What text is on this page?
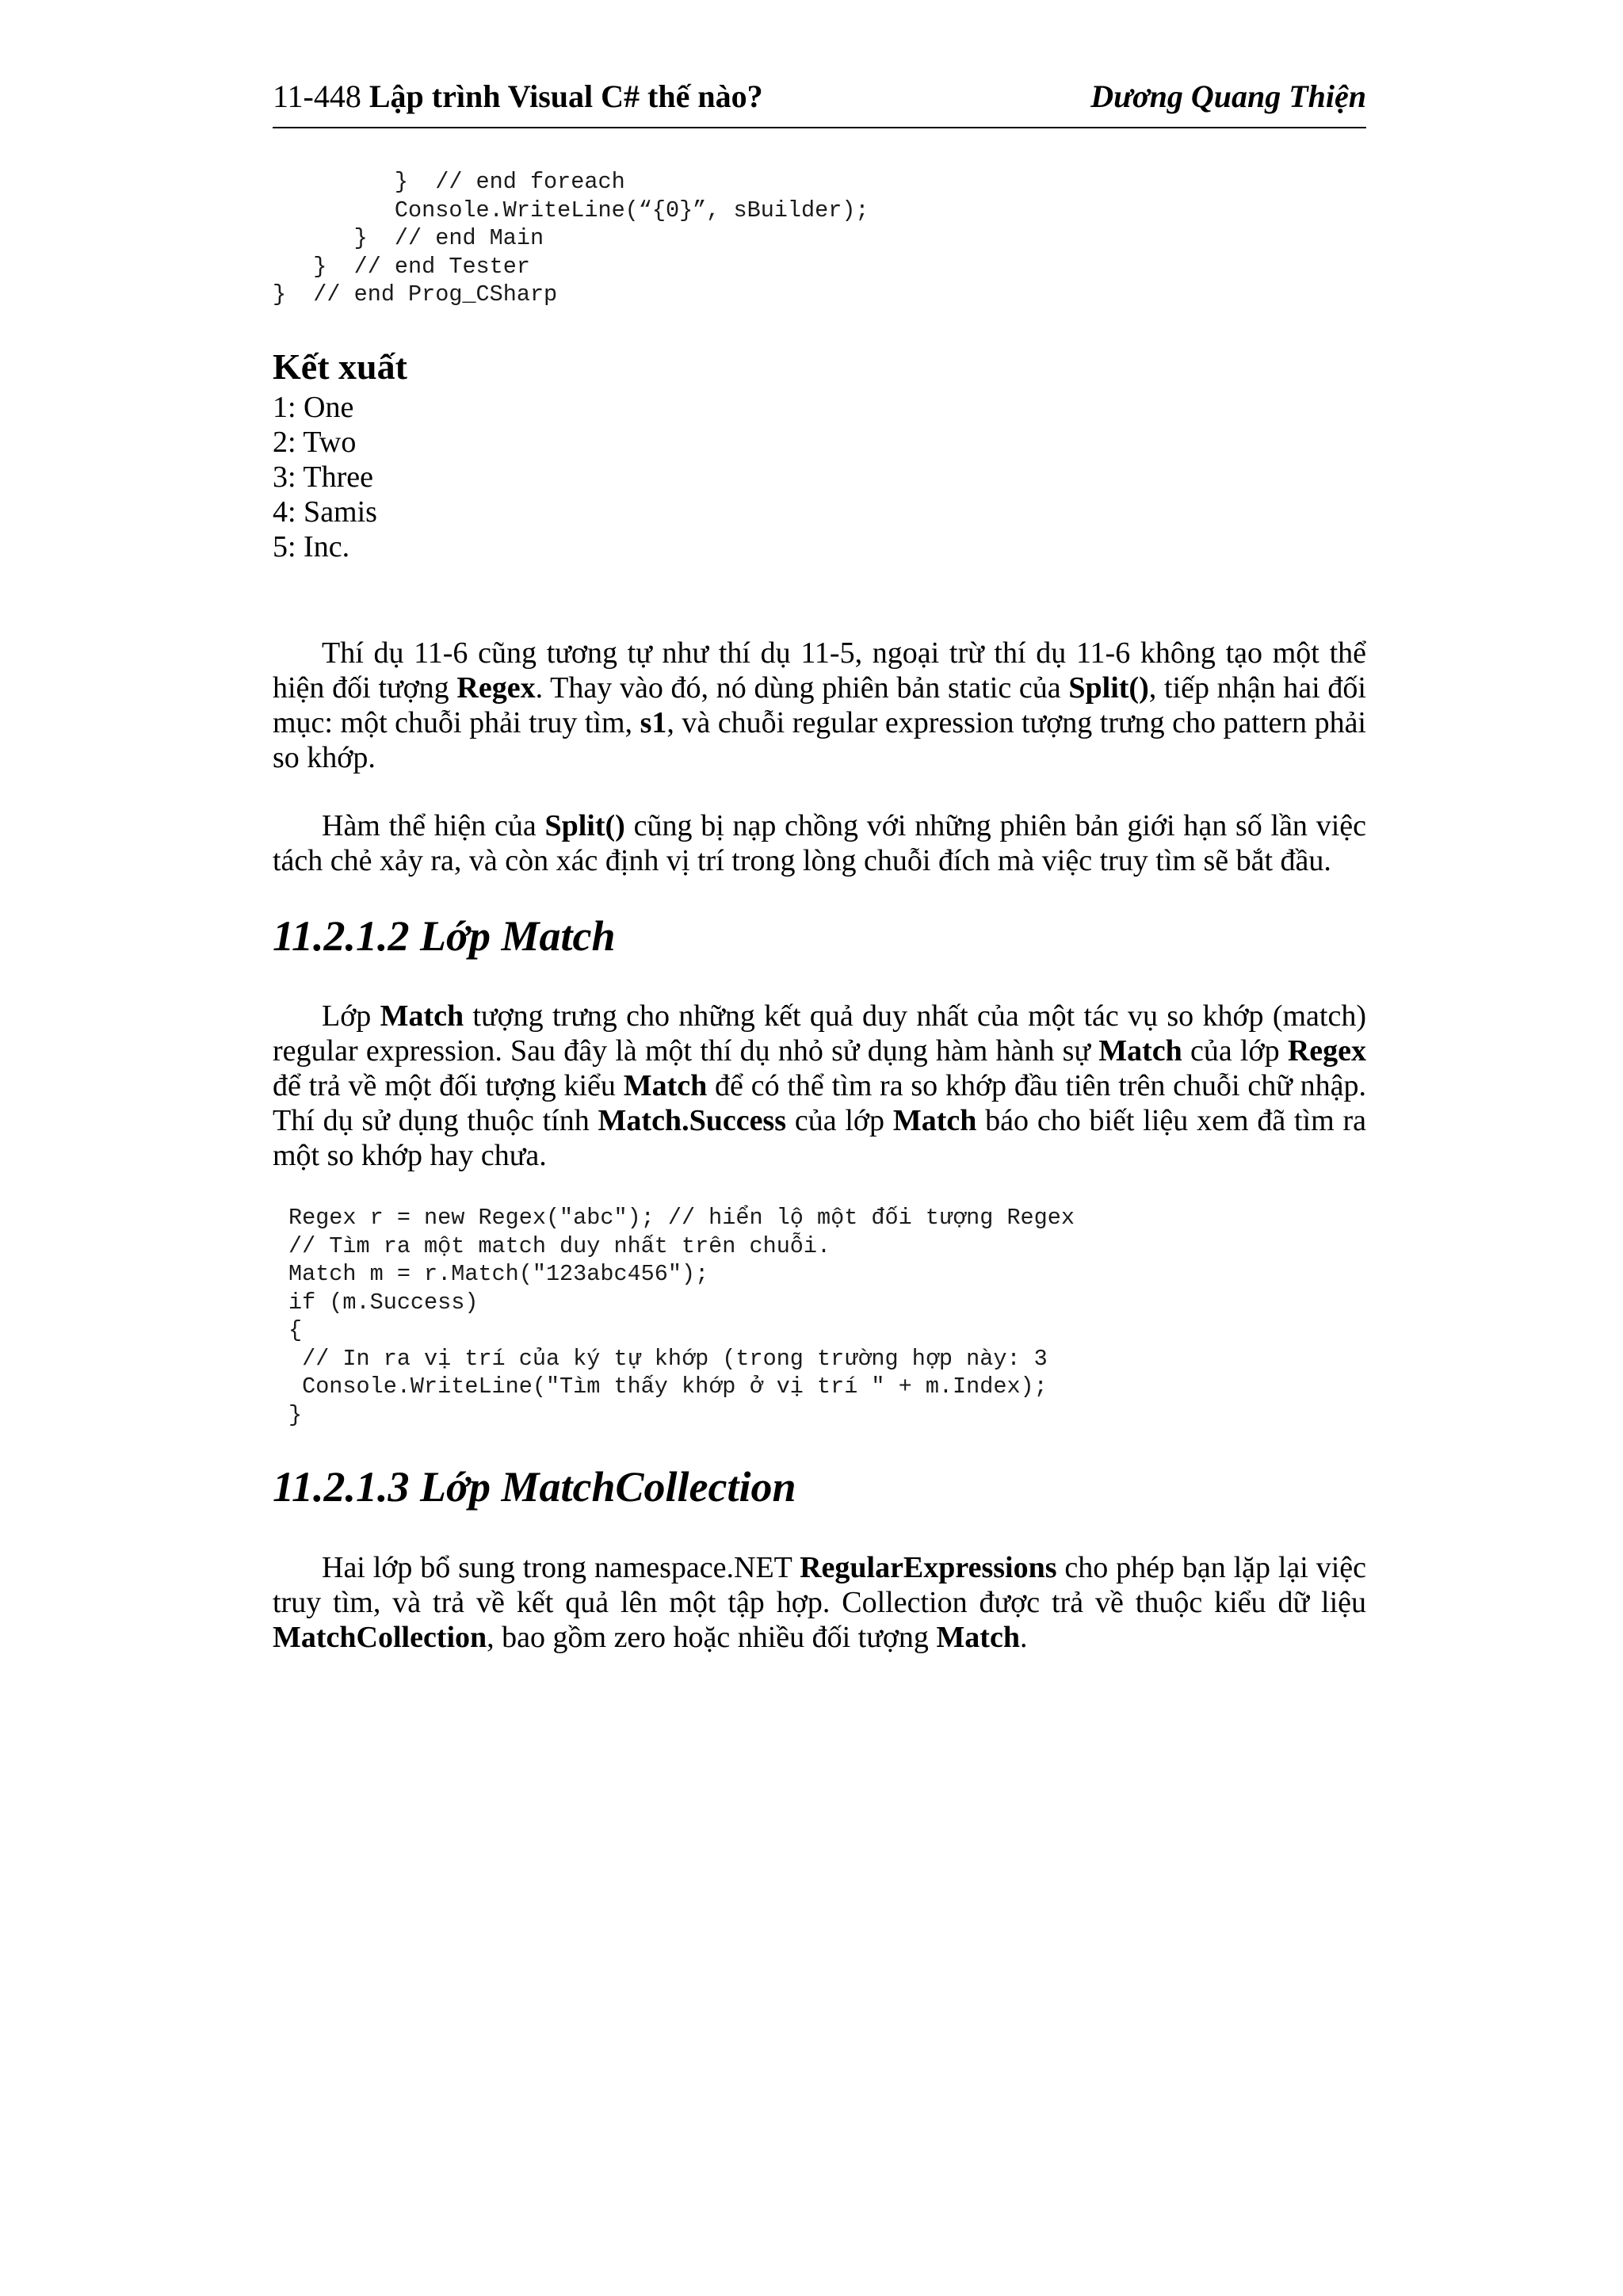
11-448 Lập trình Visual C# thế nào?	Dương Quang Thiện
}  // end foreach
Console.WriteLine(“{0}”, sBuilder);
}  // end Main
}  // end Tester
}  // end Prog_CSharp
Kết xuất
1: One
2: Two
3: Three
4: Samis
5: Inc.

Thí dụ 11-6 cũng tương tự như thí dụ 11-5, ngoại trừ thí dụ 11-6 không tạo một thể hiện đối tượng Regex. Thay vào đó, nó dùng phiên bản static của Split(), tiếp nhận hai đối mục: một chuỗi phải truy tìm, s1, và chuỗi regular expression tượng trưng cho pattern phải so khớp.

Hàm thể hiện của Split() cũng bị nạp chồng với những phiên bản giới hạn số lần việc tách chẻ xảy ra, và còn xác định vị trí trong lòng chuỗi đích mà việc truy tìm sẽ bắt đầu.

11.2.1.2 Lớp Match

Lớp Match tượng trưng cho những kết quả duy nhất của một tác vụ so khớp (match) regular expression. Sau đây là một thí dụ nhỏ sử dụng hàm hành sự Match của lớp Regex để trả về một đối tượng kiểu Match để có thể tìm ra so khớp đầu tiên trên chuỗi chữ nhập. Thí dụ sử dụng thuộc tính Match.Success của lớp Match báo cho biết liệu xem đã tìm ra một so khớp hay chưa.

Regex r = new Regex("abc"); // hiển lộ một đối tượng Regex
// Tìm ra một match duy nhất trên chuỗi.
Match m = r.Match("123abc456");
if (m.Success)
{
// In ra vị trí của ký tự khớp (trong trường hợp này: 3
Console.WriteLine("Tìm thấy khớp ở vị trí " + m.Index);
}
11.2.1.3 Lớp MatchCollection

Hai lớp bổ sung trong namespace.NET RegularExpressions cho phép bạn lặp lại việc truy tìm, và trả về kết quả lên một tập hợp. Collection được trả về thuộc kiểu dữ liệu MatchCollection, bao gồm zero hoặc nhiều đối tượng Match.
